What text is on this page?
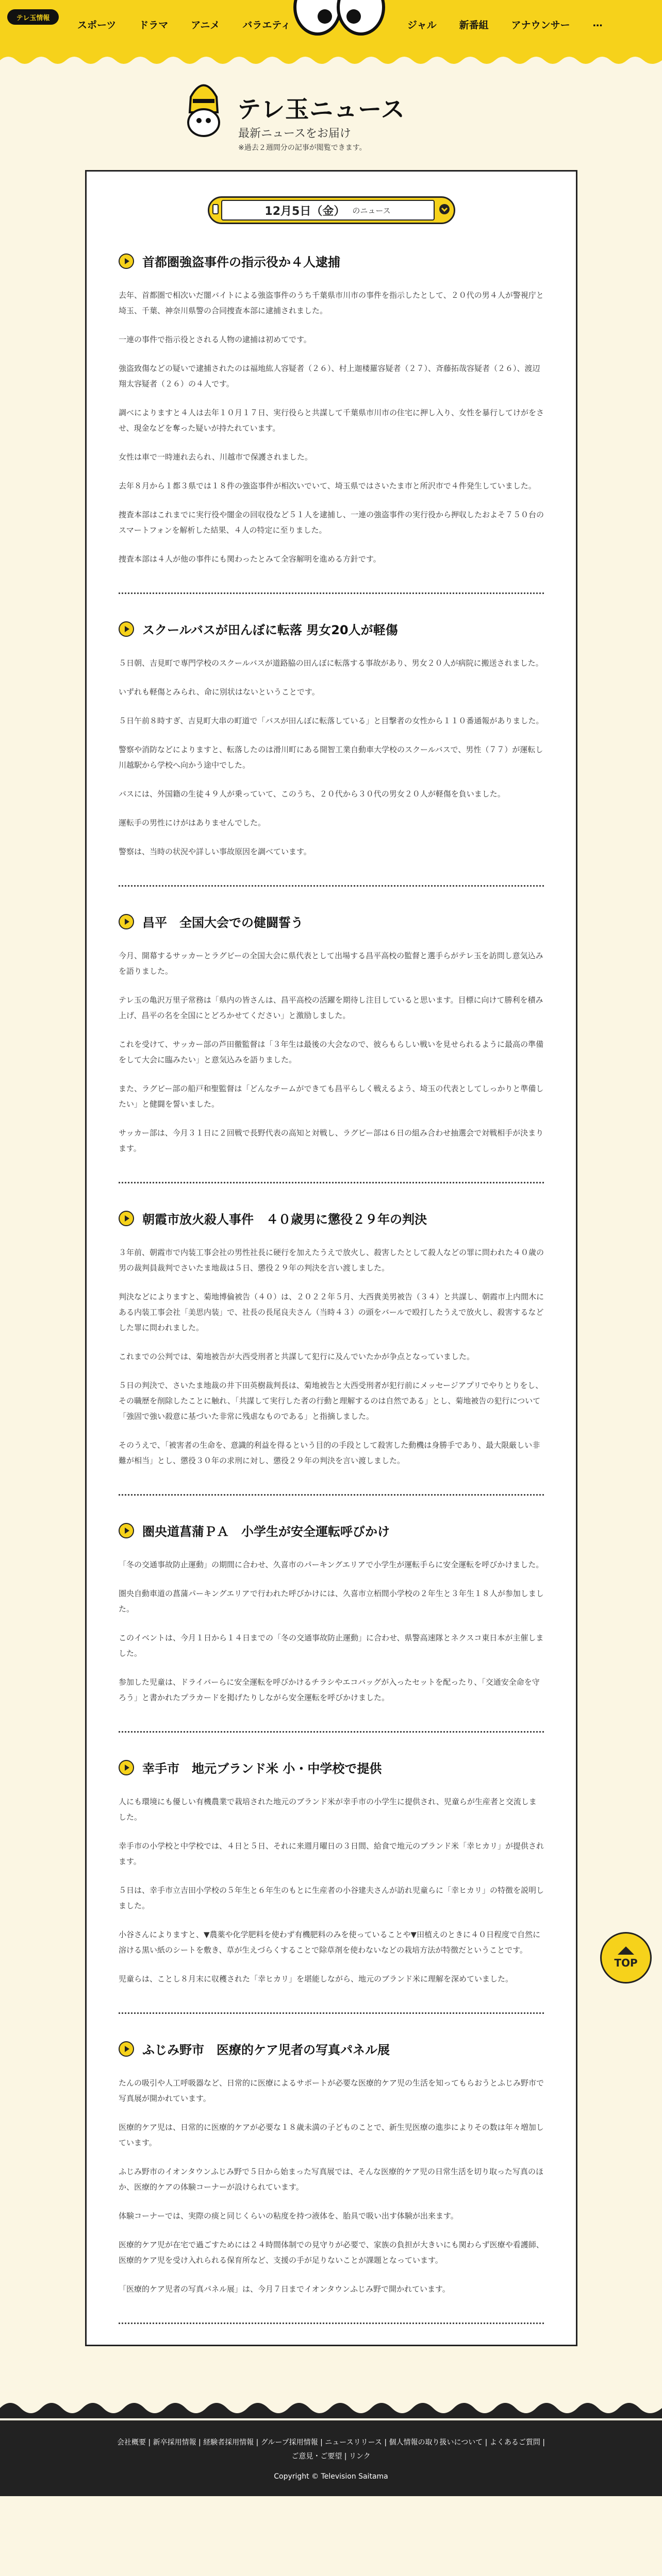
テレ玉情報
スポーツ ドラマ アニメ バラエティ	ジャル 新番組 アナウンサー …
テレ玉ニュース
最新ニュースをお届け
※過去２週間分の記事が閲覧できます。
12月5日（金） のニュース
首都圏強盗事件の指示役か４人逮捕

去年、首都圏で相次いだ闇バイトによる強盗事件のうち千葉県市川市の事件を指示したとして、２０代の男４人が警視庁と埼玉、千葉、神奈川県警の合同捜査本部に逮捕されました。

一連の事件で指示役とされる人物の逮捕は初めてです。

強盗致傷などの疑いで逮捕されたのは福地紘人容疑者（２６）、村上迦楼羅容疑者（２７）、斉藤拓哉容疑者（２６）、渡辺翔太容疑者（２６）の４人です。

調べによりますと４人は去年１０月１７日、実行役らと共謀して千葉県市川市の住宅に押し入り、女性を暴行してけがをさせ、現金などを奪った疑いが持たれています。

女性は車で一時連れ去られ、川越市で保護されました。

去年８月から１都３県では１８件の強盗事件が相次いでいて、埼玉県ではさいたま市と所沢市で４件発生していました。

捜査本部はこれまでに実行役や闇金の回収役など５１人を逮捕し、一連の強盗事件の実行役から押収したおよそ７５０台のスマートフォンを解析した結果、４人の特定に至りました。

捜査本部は４人が他の事件にも関わったとみて全容解明を進める方針です。

スクールバスが田んぼに転落 男女20人が軽傷

５日朝、吉見町で専門学校のスクールバスが道路脇の田んぼに転落する事故があり、男女２０人が病院に搬送されました。

いずれも軽傷とみられ、命に別状はないということです。

５日午前８時すぎ、吉見町大串の町道で「バスが田んぼに転落している」と目撃者の女性から１１０番通報がありました。

警察や消防などによりますと、転落したのは滑川町にある開智工業自動車大学校のスクールバスで、男性（７７）が運転し川越駅から学校へ向かう途中でした。

バスには、外国籍の生徒４９人が乗っていて、このうち、２０代から３０代の男女２０人が軽傷を負いました。

運転手の男性にけがはありませんでした。

警察は、当時の状況や詳しい事故原因を調べています。

昌平　全国大会での健闘誓う

今月、開幕するサッカーとラグビーの全国大会に県代表として出場する昌平高校の監督と選手らがテレ玉を訪問し意気込みを語りました。

テレ玉の亀沢万里子常務は「県内の皆さんは、昌平高校の活躍を期待し注目していると思います。目標に向けて勝利を積み上げ、昌平の名を全国にとどろかせてください」と激励しました。

これを受けて、サッカー部の芦田徹監督は「３年生は最後の大会なので、彼らもらしい戦いを見せられるように最高の準備をして大会に臨みたい」と意気込みを語りました。

また、ラグビー部の船戸和聖監督は「どんなチームができても昌平らしく戦えるよう、埼玉の代表としてしっかりと準備したい」と健闘を誓いました。

サッカー部は、今月３１日に２回戦で長野代表の高知と対戦し、ラグビー部は６日の組み合わせ抽選会で対戦相手が決まります。

朝霞市放火殺人事件　４０歳男に懲役２９年の判決

３年前、朝霞市で内装工事会社の男性社長に硬行を加えたうえで放火し、殺害したとして殺人などの罪に問われた４０歳の男の裁判員裁判でさいたま地裁は５日、懲役２９年の判決を言い渡しました。

判決などによりますと、菊地博倫被告（４０）は、２０２２年５月、大西貴美男被告（３４）と共謀し、朝霞市上内間木にある内装工事会社「美思内装」で、社長の長尾良夫さん（当時４３）の頭をバールで殴打したうえで放火し、殺害するなどした罪に問われました。

これまでの公判では、菊地被告が大西受刑者と共謀して犯行に及んでいたかが争点となっていました。

５日の判決で、さいたま地裁の井下田英樹裁判長は、菊地被告と大西受刑者が犯行前にメッセージアプリでやりとりをし、その職歴を削除したことに触れ、「共謀して実行した者の行動と理解するのは自然である」とし、菊地被告の犯行について「強固で強い殺意に基づいた非常に残虐なものである」と指摘しました。

そのうえで、「被害者の生命を、意識的利益を得るという目的の手段として殺害した動機は身勝手であり、最大限厳しい非難が相当」とし、懲役３０年の求刑に対し、懲役２９年の判決を言い渡しました。

圏央道菖蒲ＰＡ　小学生が安全運転呼びかけ

「冬の交通事故防止運動」の期間に合わせ、久喜市のパーキングエリアで小学生が運転手らに安全運転を呼びかけました。

圏央自動車道の菖蒲パーキングエリアで行われた呼びかけには、久喜市立栢間小学校の２年生と３年生１８人が参加しました。

このイベントは、今月１日から１４日までの「冬の交通事故防止運動」に合わせ、県警高速隊とネクスコ東日本が主催しました。

参加した児童は、ドライバーらに安全運転を呼びかけるチラシやエコバッグが入ったセットを配ったり、「交通安全命を守ろう」と書かれたプラカードを掲げたりしながら安全運転を呼びかけました。

幸手市　地元ブランド米 小・中学校で提供

人にも環境にも優しい有機農業で栽培された地元のブランド米が幸手市の小学生に提供され、児童らが生産者と交流しました。

幸手市の小学校と中学校では、４日と５日、それに来週月曜日の３日間、給食で地元のブランド米「幸ヒカリ」が提供されます。

５日は、幸手市立吉田小学校の５年生と６年生のもとに生産者の小谷建夫さんが訪れ児童らに「幸ヒカリ」の特徴を説明しました。

小谷さんによりますと、▼農薬や化学肥料を使わず有機肥料のみを使っていることや▼田植えのときに４０日程度で自然に溶ける黒い紙のシートを敷き、草が生えづらくすることで除草剤を使わないなどの栽培方法が特徴だということです。

児童らは、ことし８月末に収穫された「幸ヒカリ」を堪能しながら、地元のブランド米に理解を深めていました。

ふじみ野市　医療的ケア児者の写真パネル展

たんの吸引や人工呼吸器など、日常的に医療によるサポートが必要な医療的ケア児の生活を知ってもらおうとふじみ野市で写真展が開かれています。

医療的ケア児は、日常的に医療的ケアが必要な１８歳未満の子どものことで、新生児医療の進歩によりその数は年々増加しています。

ふじみ野市のイオンタウンふじみ野で５日から始まった写真展では、そんな医療的ケア児の日常生活を切り取った写真のほか、医療的ケアの体験コーナーが設けられています。

体験コーナーでは、実際の痰と同じくらいの粘度を持つ液体を、胎具で吸い出す体験が出来ます。

医療的ケア児が在宅で過ごすためには２４時間体制での見守りが必要で、家族の負担が大きいにも関わらず医療や看護師、医療的ケア児を受け入れられる保育所など、支援の手が足りないことが課題となっています。

「医療的ケア児者の写真パネル展」は、今月７日までイオンタウンふじみ野で開かれています。

TOP
会社概要 | 新卒採用情報 | 経験者採用情報 | グループ採用情報 | ニュースリリース | 個人情報の取り扱いについて | よくあるご質問 |
ご意見・ご要望 | リンク
Copyright © Television Saitama
